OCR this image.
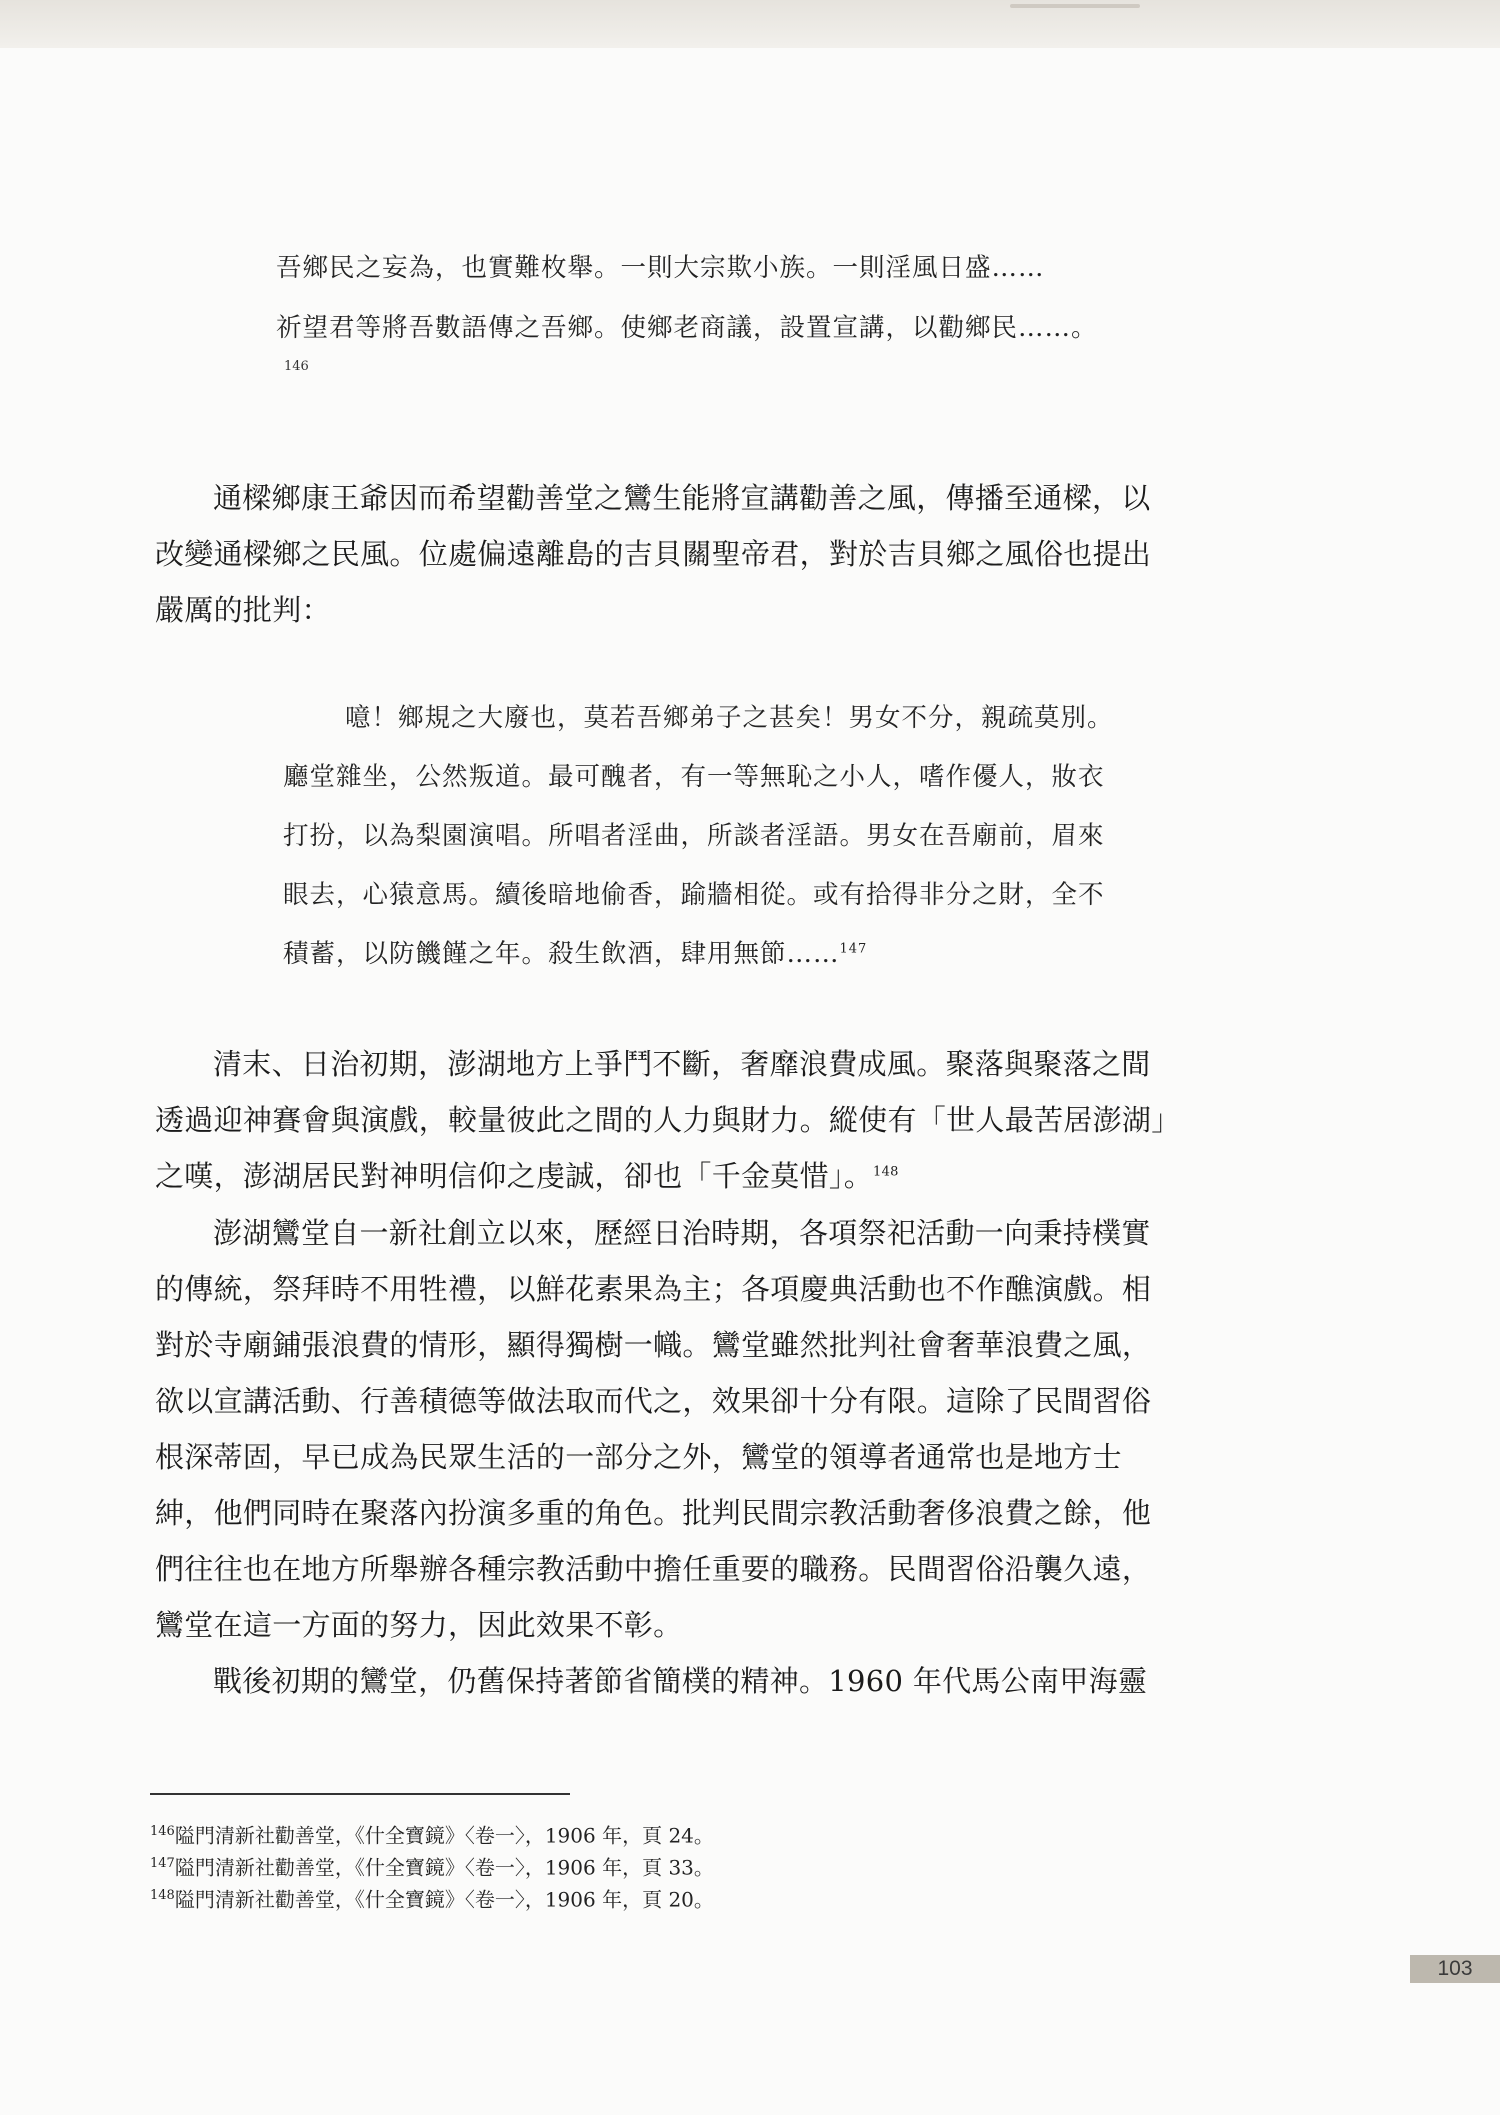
吾鄉民之妄為，也實難枚舉。一則大宗欺小族。一則淫風日盛……
祈望君等將吾數語傳之吾鄉。使鄉老商議，設置宣講，以勸鄉民……。
146
通樑鄉康王爺因而希望勸善堂之鸞生能將宣講勸善之風，傳播至通樑，以
改變通樑鄉之民風。位處偏遠離島的吉貝關聖帝君，對於吉貝鄉之風俗也提出
嚴厲的批判：
噫！鄉規之大廢也，莫若吾鄉弟子之甚矣！男女不分，親疏莫別。
廳堂雜坐，公然叛道。最可醜者，有一等無恥之小人，嗜作優人，妝衣
打扮，以為梨園演唱。所唱者淫曲，所談者淫語。男女在吾廟前，眉來
眼去，心猿意馬。續後暗地偷香，踰牆相從。或有拾得非分之財，全不
積蓄，以防饑饉之年。殺生飲酒，肆用無節……$^{147}$
清末、日治初期，澎湖地方上爭鬥不斷，奢靡浪費成風。聚落與聚落之間
透過迎神賽會與演戲，較量彼此之間的人力與財力。縱使有「世人最苦居澎湖」
之嘆，澎湖居民對神明信仰之虔誠，卻也「千金莫惜」。$^{148}$
澎湖鸞堂自一新社創立以來，歷經日治時期，各項祭祀活動一向秉持樸實
的傳統，祭拜時不用牲禮，以鮮花素果為主；各項慶典活動也不作醮演戲。相
對於寺廟鋪張浪費的情形，顯得獨樹一幟。鸞堂雖然批判社會奢華浪費之風，
欲以宣講活動、行善積德等做法取而代之，效果卻十分有限。這除了民間習俗
根深蒂固，早已成為民眾生活的一部分之外，鸞堂的領導者通常也是地方士
紳，他們同時在聚落內扮演多重的角色。批判民間宗教活動奢侈浪費之餘，他
們往往也在地方所舉辦各種宗教活動中擔任重要的職務。民間習俗沿襲久遠，
鸞堂在這一方面的努力，因此效果不彰。
戰後初期的鸞堂，仍舊保持著節省簡樸的精神。1960 年代馬公南甲海靈
$^{146}$隘門清新社勸善堂，《什全寶鏡》〈卷一〉，1906 年，頁 24。
$^{147}$隘門清新社勸善堂，《什全寶鏡》〈卷一〉，1906 年，頁 33。
$^{148}$隘門清新社勸善堂，《什全寶鏡》〈卷一〉，1906 年，頁 20。
103
